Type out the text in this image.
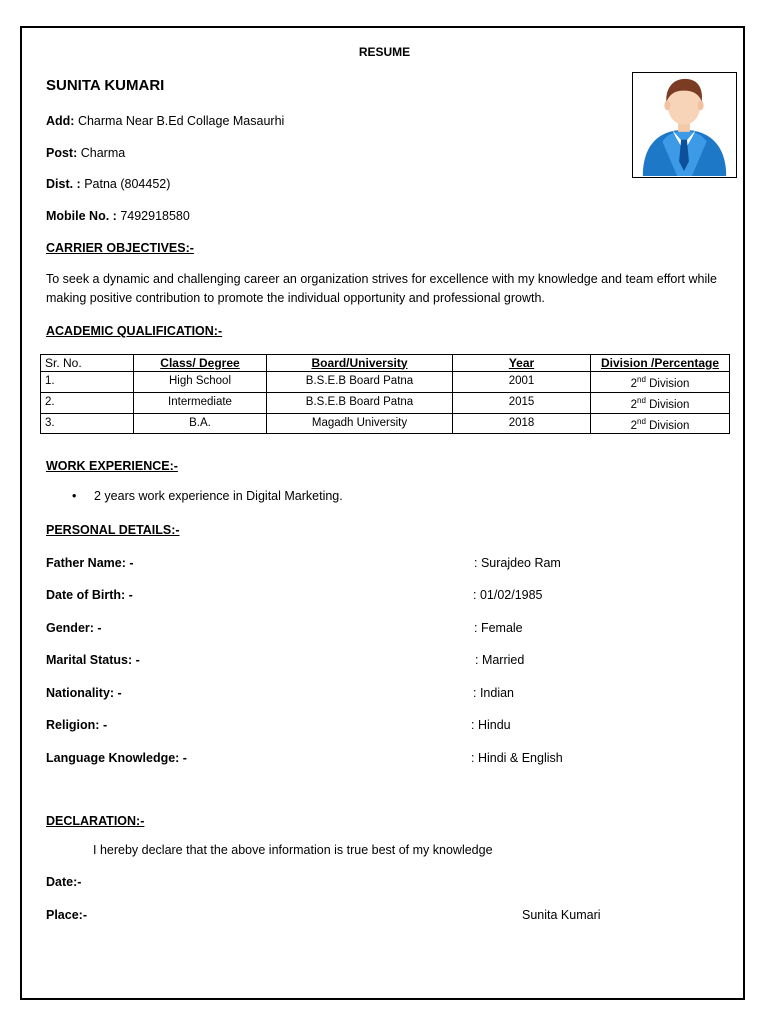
RESUME
SUNITA KUMARI
Add: Charma Near B.Ed Collage Masaurhi
Post: Charma
Dist. : Patna (804452)
Mobile No. : 7492918580
CARRIER OBJECTIVES:-
To seek a dynamic and challenging career an organization strives for excellence with my knowledge and team effort while making positive contribution to promote the individual opportunity and professional growth.
ACADEMIC QUALIFICATION:-
Sr. No.	Class/ Degree	Board/University	Year	Division /Percentage
1.	High School	B.S.E.B Board Patna	2001	2nd Division
2.	Intermediate	B.S.E.B Board Patna	2015	2nd Division
3.	B.A.	Magadh University	2018	2nd Division
WORK EXPERIENCE:-
• 2 years work experience in Digital Marketing.
PERSONAL DETAILS:-
Father Name: -	: Surajdeo Ram
Date of Birth: -	: 01/02/1985
Gender: -	: Female
Marital Status: -	: Married
Nationality: -	: Indian
Religion: -	: Hindu
Language Knowledge: -	: Hindi & English
DECLARATION:-
I hereby declare that the above information is true best of my knowledge
Date:-
Place:-	Sunita Kumari
